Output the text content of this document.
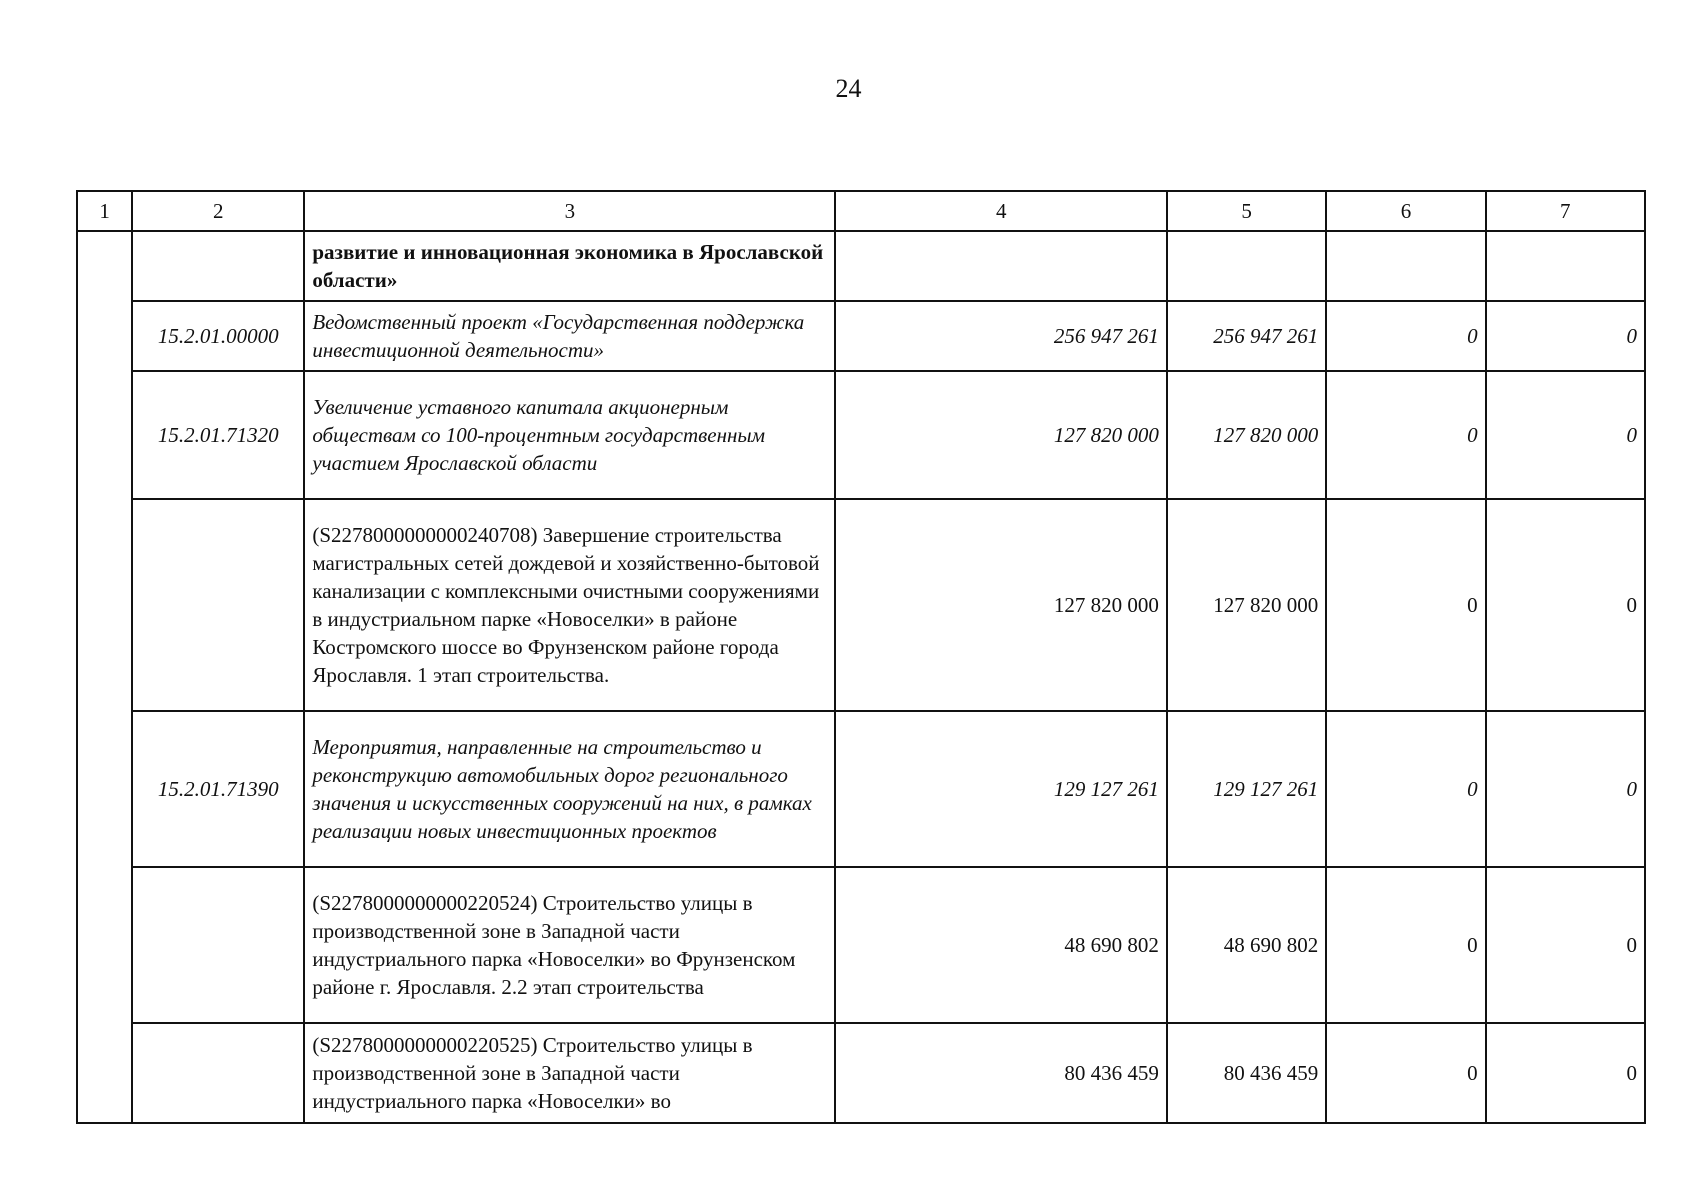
24
1	2	3	4	5	6	7
		развитие и инновационная экономика в Ярославской области»				
	15.2.01.00000	Ведомственный проект «Государственная поддержка инвестиционной деятельности»	256 947 261	256 947 261	0	0
	15.2.01.71320	Увеличение уставного капитала акционерным обществам со 100-процентным государственным участием Ярославской области	127 820 000	127 820 000	0	0
		(S2278000000000240708) Завершение строительства магистральных сетей дождевой и хозяйственно-бытовой канализации с комплексными очистными сооружениями в индустриальном парке «Новоселки» в районе Костромского шоссе во Фрунзенском районе города Ярославля. 1 этап строительства.	127 820 000	127 820 000	0	0
	15.2.01.71390	Мероприятия, направленные на строительство и реконструкцию автомобильных дорог регионального значения и искусственных сооружений на них, в рамках реализации новых инвестиционных проектов	129 127 261	129 127 261	0	0
		(S2278000000000220524) Строительство улицы в производственной зоне в Западной части индустриального парка «Новоселки» во Фрунзенском районе г. Ярославля. 2.2 этап строительства	48 690 802	48 690 802	0	0
		(S2278000000000220525) Строительство улицы в производственной зоне в Западной части индустриального парка «Новоселки» во	80 436 459	80 436 459	0	0
